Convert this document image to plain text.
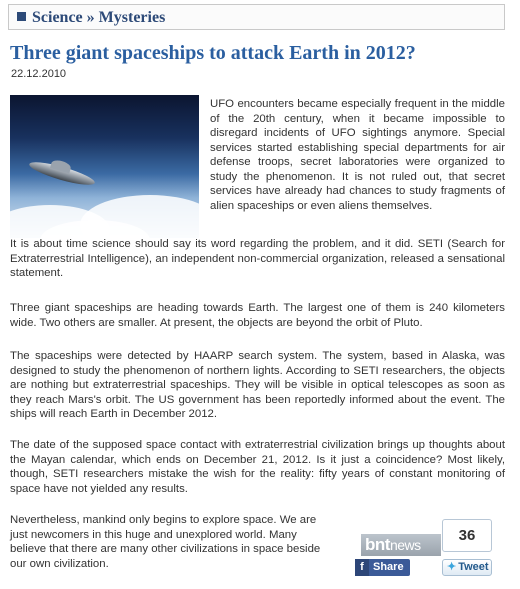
Science » Mysteries
Three giant spaceships to attack Earth in 2012?
22.12.2010

UFO encounters became especially frequent in the middle of the 20th century, when it became impossible to disregard incidents of UFO sightings anymore. Special services started establishing special departments for air defense troops, secret laboratories were organized to study the phenomenon. It is not ruled out, that secret services have already had chances to study fragments of alien spaceships or even aliens themselves.

It is about time science should say its word regarding the problem, and it did. SETI (Search for Extraterrestrial Intelligence), an independent non-commercial organization, released a sensational statement.

Three giant spaceships are heading towards Earth. The largest one of them is 240 kilometers wide. Two others are smaller. At present, the objects are beyond the orbit of Pluto.

The spaceships were detected by HAARP search system. The system, based in Alaska, was designed to study the phenomenon of northern lights. According to SETI researchers, the objects are nothing but extraterrestrial spaceships. They will be visible in optical telescopes as soon as they reach Mars's orbit. The US government has been reportedly informed about the event. The ships will reach Earth in December 2012.

The date of the supposed space contact with extraterrestrial civilization brings up thoughts about the Mayan calendar, which ends on December 21, 2012. Is it just a coincidence? Most likely, though, SETI researchers mistake the wish for the reality: fifty years of constant monitoring of space have not yielded any results.

Nevertheless, mankind only begins to explore space. We are just newcomers in this huge and unexplored world. Many believe that there are many other civilizations in space beside our own civilization.

bntnews
36
f Share	✦ Tweet
